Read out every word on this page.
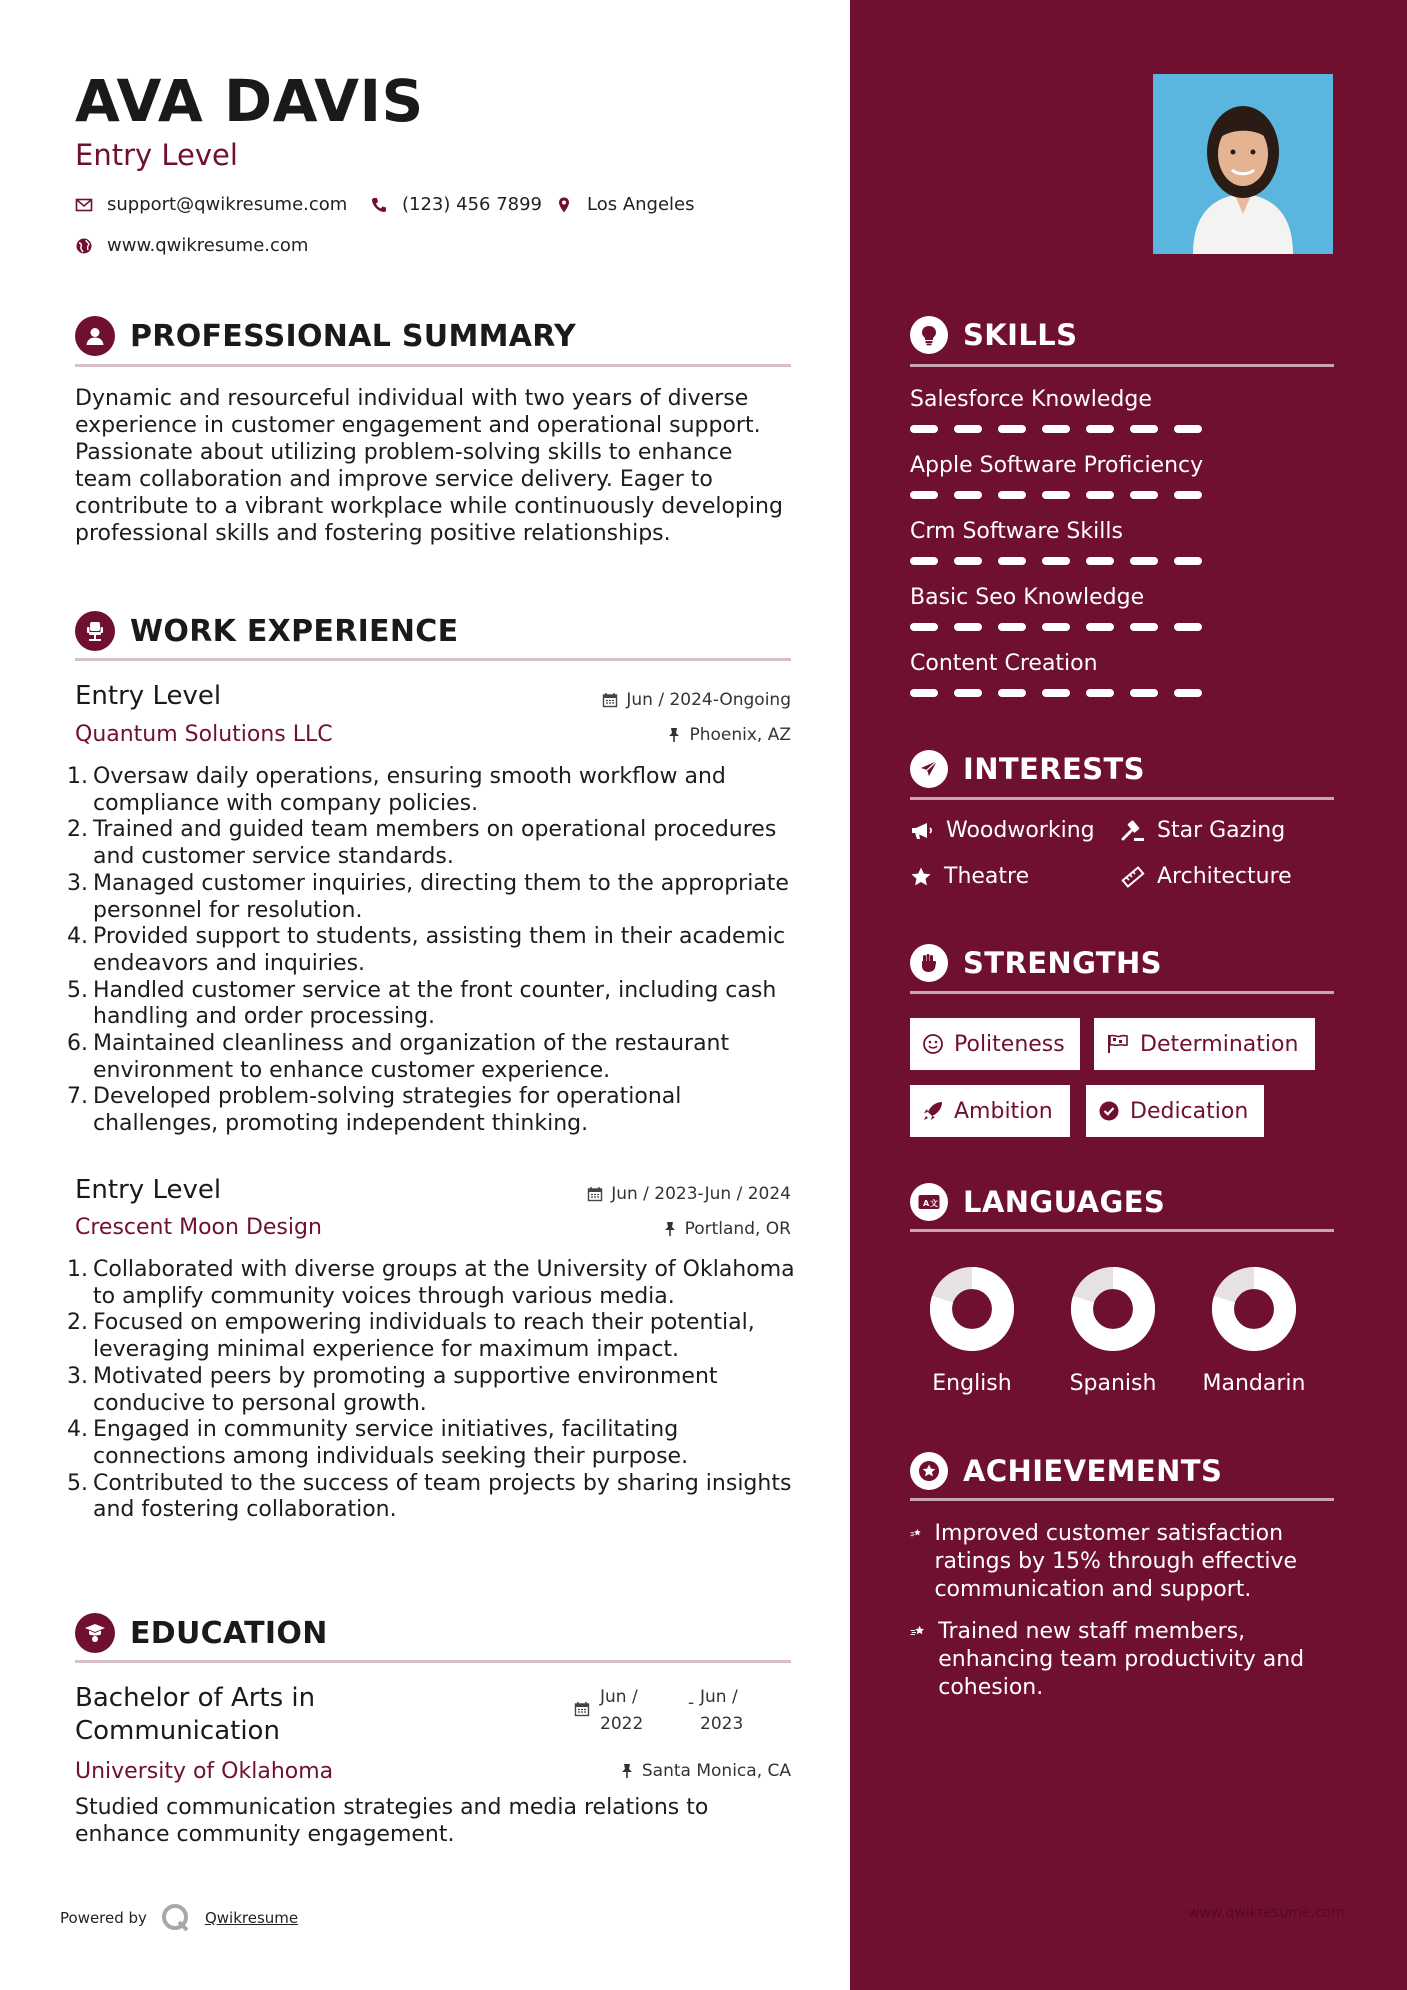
AVA DAVIS
Entry Level
support@qwikresume.com	(123) 456 7899 Los Angeles
www.qwikresume.com
PROFESSIONAL SUMMARY
Dynamic and resourceful individual with two years of diverse experience in customer engagement and operational support. Passionate about utilizing problem-solving skills to enhance team collaboration and improve service delivery. Eager to contribute to a vibrant workplace while continuously developing professional skills and fostering positive relationships.
WORK EXPERIENCE
Entry Level	Jun / 2024-Ongoing
Quantum Solutions LLC	Phoenix, AZ
1. Oversaw daily operations, ensuring smooth workflow and compliance with company policies.
2. Trained and guided team members on operational procedures and customer service standards.
3. Managed customer inquiries, directing them to the appropriate personnel for resolution.
4. Provided support to students, assisting them in their academic endeavors and inquiries.
5. Handled customer service at the front counter, including cash handling and order processing.
6. Maintained cleanliness and organization of the restaurant environment to enhance customer experience.
7. Developed problem-solving strategies for operational challenges, promoting independent thinking.
Entry Level	Jun / 2023-Jun / 2024
Crescent Moon Design	Portland, OR
1. Collaborated with diverse groups at the University of Oklahoma to amplify community voices through various media.
2. Focused on empowering individuals to reach their potential, leveraging minimal experience for maximum impact.
3. Motivated peers by promoting a supportive environment conducive to personal growth.
4. Engaged in community service initiatives, facilitating connections among individuals seeking their purpose.
5. Contributed to the success of team projects by sharing insights and fostering collaboration.
EDUCATION
Bachelor of Arts in Communication
Jun / 2022
- Jun / 2023
University of Oklahoma	Santa Monica, CA
Studied communication strategies and media relations to enhance community engagement.
Powered by	Qwikresume
SKILLS
Salesforce Knowledge
Apple Software Proficiency
Crm Software Skills
Basic Seo Knowledge
Content Creation
INTERESTS
Woodworking	Star Gazing
Theatre	Architecture
STRENGTHS
Politeness	Determination
Ambition	Dedication
A 文 LANGUAGES
English	Spanish	Mandarin
ACHIEVEMENTS
Improved customer satisfaction ratings by 15% through effective communication and support.
Trained new staff members, enhancing team productivity and cohesion.
www.qwikresume.com
